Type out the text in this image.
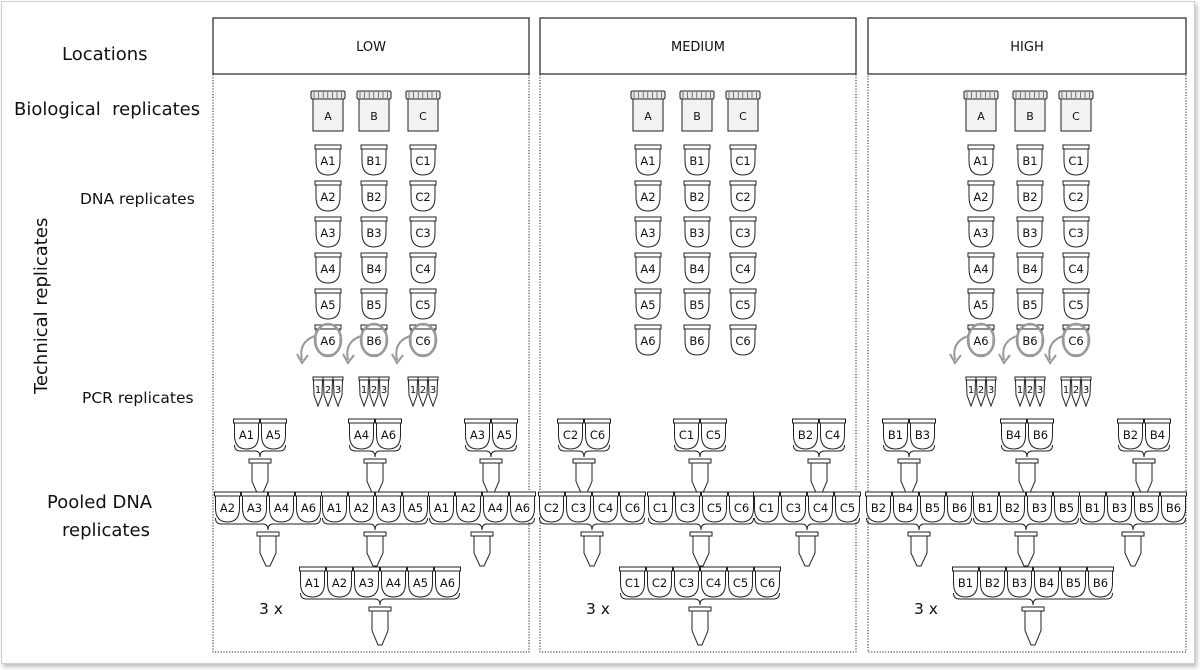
Locations
Biological  replicates
Technical replicates
DNA replicates
PCR replicates
Pooled DNA
replicates
LOW
A	B	C
A1
A2
A3
A4
A5
A6
B1
B2
B3
B4
B5
B6
C1
C2
C3
C4
C5
C6
1 2 3 1 2 3 1 2 3
A1 A5	A4 A6	A3 A5
A2 A3 A4 A6 A1 A2 A3 A5 A1 A2 A4 A6
A1 A2 A3 A4 A5 A6
3 x
MEDIUM
A	B	C
A1
A2
A3
A4
A5
A6
B1
B2
B3
B4
B5
B6
C1
C2
C3
C4
C5
C6
C2 C6	C1 C5	B2 C4
C2 C3 C4 C6 C1 C3 C5 C6 C1 C3 C4 C5
C1 C2 C3 C4 C5 C6
3 x
HIGH
A	B	C
A1
A2
A3
A4
A5
A6
B1
B2
B3
B4
B5
B6
C1
C2
C3
C4
C5
C6
1 2 3 1 2 3 1 2 3
B1 B3	B4 B6	B2 B4
B2 B4 B5 B6 B1 B2 B3 B5 B1 B3 B5 B6
B1 B2 B3 B4 B5 B6
3 x
